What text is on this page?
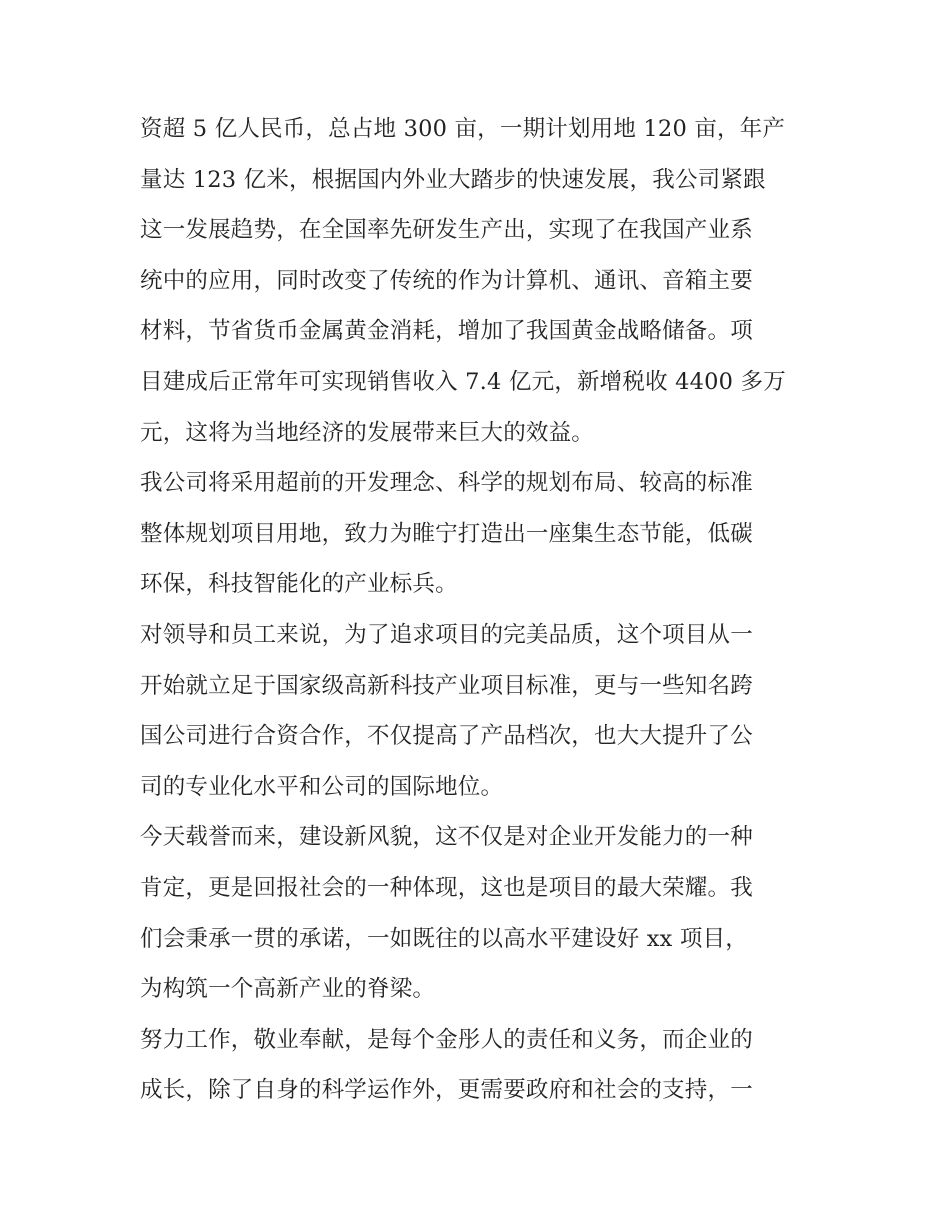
资超 5 亿人民币，总占地 300 亩，一期计划用地 120 亩，年产
量达 123 亿米，根据国内外业大踏步的快速发展，我公司紧跟
这一发展趋势，在全国率先研发生产出，实现了在我国产业系
统中的应用，同时改变了传统的作为计算机、通讯、音箱主要
材料，节省货币金属黄金消耗，增加了我国黄金战略储备。项
目建成后正常年可实现销售收入 7.4 亿元，新增税收 4400 多万
元，这将为当地经济的发展带来巨大的效益。
我公司将采用超前的开发理念、科学的规划布局、较高的标准
整体规划项目用地，致力为睢宁打造出一座集生态节能，低碳
环保，科技智能化的产业标兵。
对领导和员工来说，为了追求项目的完美品质，这个项目从一
开始就立足于国家级高新科技产业项目标准，更与一些知名跨
国公司进行合资合作，不仅提高了产品档次，也大大提升了公
司的专业化水平和公司的国际地位。
今天载誉而来，建设新风貌，这不仅是对企业开发能力的一种
肯定，更是回报社会的一种体现，这也是项目的最大荣耀。我
们会秉承一贯的承诺，一如既往的以高水平建设好 xx 项目，
为构筑一个高新产业的脊梁。
努力工作，敬业奉献，是每个金彤人的责任和义务，而企业的
成长，除了自身的科学运作外，更需要政府和社会的支持，一
